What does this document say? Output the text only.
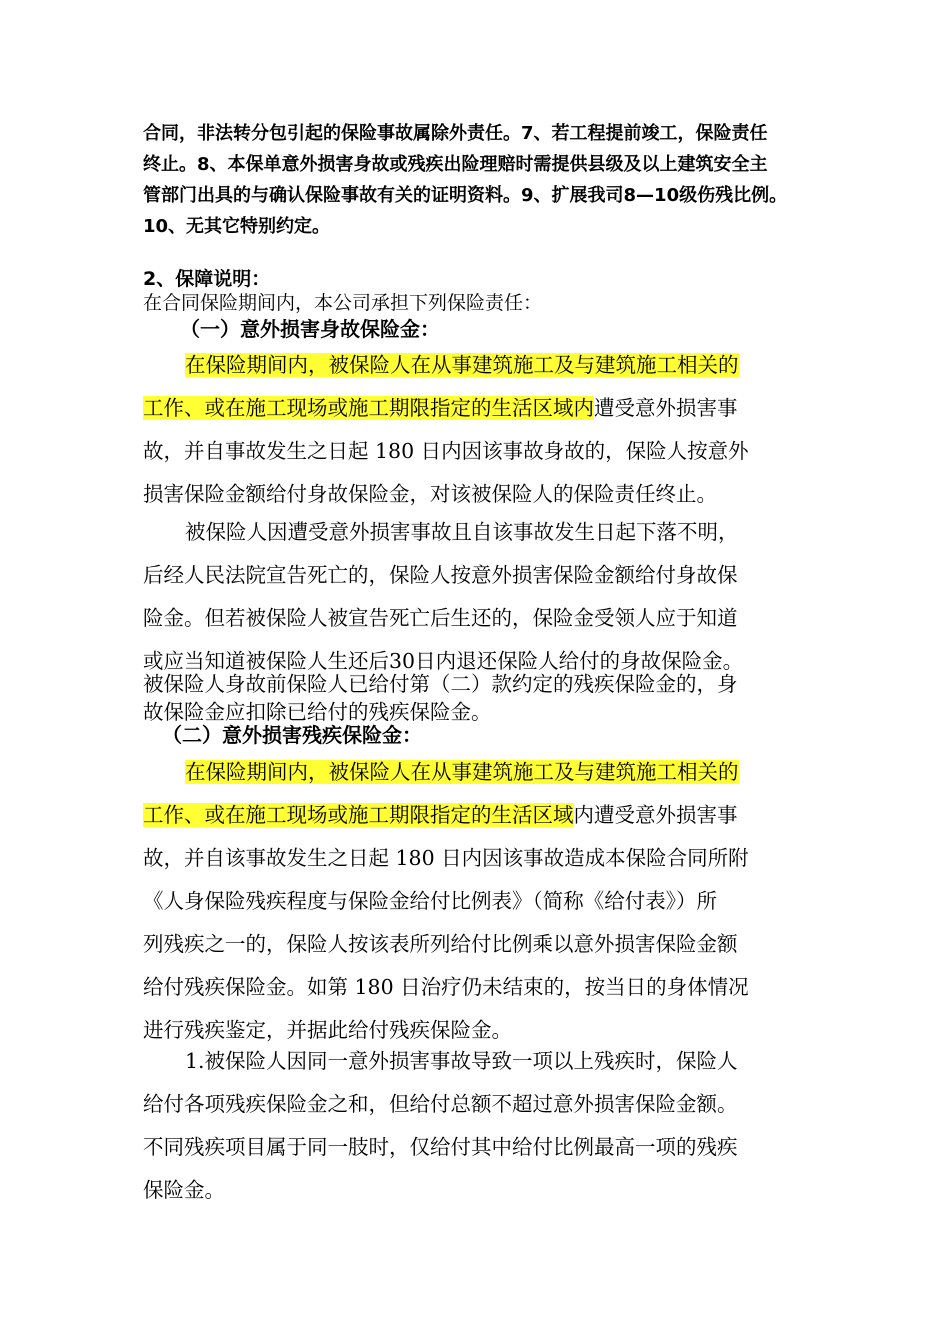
合同，非法转分包引起的保险事故属除外责任。7、若工程提前竣工，保险责任
终止。8、本保单意外损害身故或残疾出险理赔时需提供县级及以上建筑安全主
管部门出具的与确认保险事故有关的证明资料。9、扩展我司8—10级伤残比例。
10、无其它特别约定。
2、保障说明：
在合同保险期间内，本公司承担下列保险责任：
（一）意外损害身故保险金：
在保险期间内，被保险人在从事建筑施工及与建筑施工相关的
工作、或在施工现场或施工期限指定的生活区域内遭受意外损害事
故，并自事故发生之日起 180 日内因该事故身故的，保险人按意外
损害保险金额给付身故保险金，对该被保险人的保险责任终止。
被保险人因遭受意外损害事故且自该事故发生日起下落不明，
后经人民法院宣告死亡的，保险人按意外损害保险金额给付身故保
险金。但若被保险人被宣告死亡后生还的，保险金受领人应于知道
或应当知道被保险人生还后30日内退还保险人给付的身故保险金。
被保险人身故前保险人已给付第（二）款约定的残疾保险金的，身
故保险金应扣除已给付的残疾保险金。
（二）意外损害残疾保险金：
在保险期间内，被保险人在从事建筑施工及与建筑施工相关的
工作、或在施工现场或施工期限指定的生活区域内遭受意外损害事
故，并自该事故发生之日起 180 日内因该事故造成本保险合同所附
《人身保险残疾程度与保险金给付比例表》（简称《给付表》）所
列残疾之一的，保险人按该表所列给付比例乘以意外损害保险金额
给付残疾保险金。如第 180 日治疗仍未结束的，按当日的身体情况
进行残疾鉴定，并据此给付残疾保险金。
1.被保险人因同一意外损害事故导致一项以上残疾时，保险人
给付各项残疾保险金之和，但给付总额不超过意外损害保险金额。
不同残疾项目属于同一肢时，仅给付其中给付比例最高一项的残疾
保险金。
